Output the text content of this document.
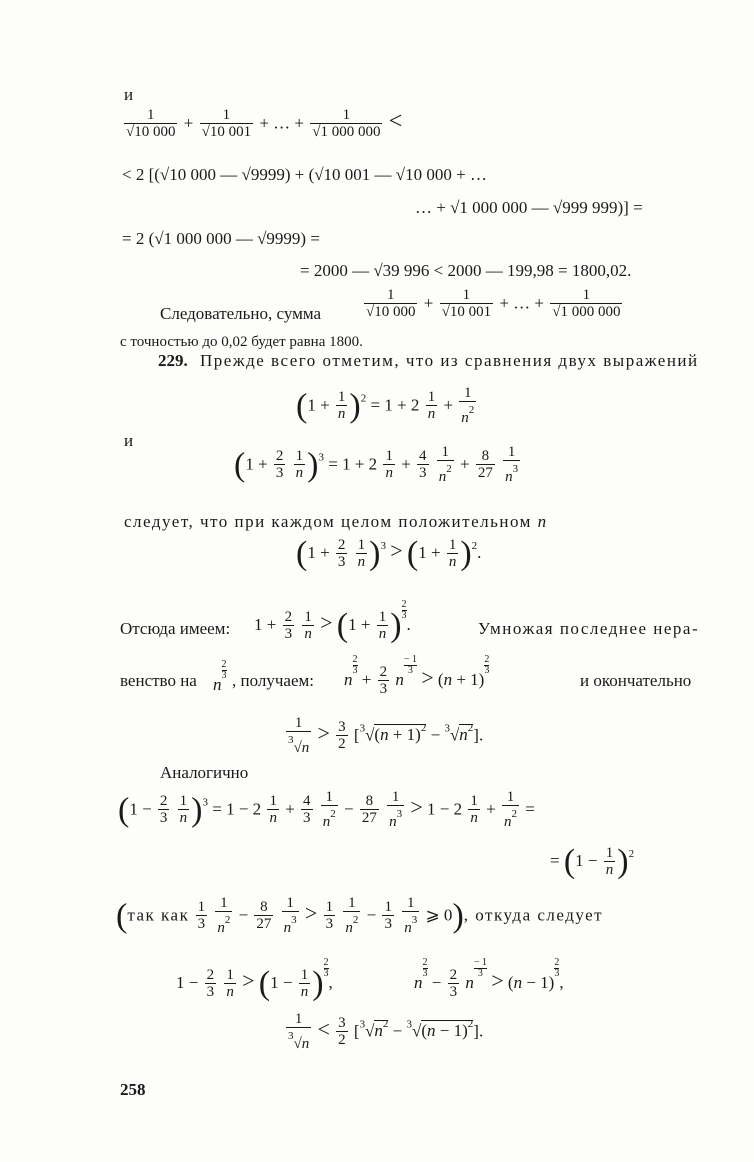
и
$\frac{1}{√10 000} + \frac{1}{√10 001}$ + … + $\frac{1}{√1 000 000}$ <
< 2 [(√10 000 — √9999) + (√10 001 — √10 000 + …
… + √1 000 000 — √999 999)] =
= 2 (√1 000 000 — √9999) =
= 2000 — √39 996 < 2000 — 199,98 = 1800,02.
Следовательно, сумма	$\frac{1}{√10 000} + \frac{1}{√10 001}$ + … + $\frac{1}{√1 000 000}$
с точностью до 0,02 будет равна 1800.
229. Прежде всего отметим, что из сравнения двух выражений
$(1 + \frac{1}{n} )^2 = 1 + 2 \frac{1}{n} + \frac{1}{n^2}$
и
($1 + \frac{2}{3}$
$\frac{1}{n} )^3 = 1 + 2 \frac{1}{n} + \frac{4}{3}$
$\frac{1}{n^2} + \frac{8}{27}$
$\frac{1}{n^3}$
следует, что при каждом целом положительном n
($1 + \frac{2}{3}$
$\frac{1}{n} )^3 > (1 + \frac{1}{n} )^2$.
Отсюда имеем: $1 + \frac{2}{3}$
$\frac{1}{n} > (1 + \frac{1}{n}$ ) $\frac{2}{3}$
.	Умножая последнее нера-
венство на n
$\frac{2}{3}$ , получаем: n
$\frac{2}{3}$
+ $\frac{2}{3}$ n
$\frac{- 1}{3} > (n + 1)$
$\frac{2}{3}$
и окончательно
$\frac{1}{^3√n} > \frac{3}{2} [^3√(n + 1)^2 - ^3√n^2]$.
Аналогично
($1 - \frac{2}{3}$
$\frac{1}{n} )^3 = 1 - 2 \frac{1}{n} + \frac{4}{3}$
$\frac{1}{n^2} - \frac{8}{27}$
$\frac{1}{n^3} > 1 - 2 \frac{1}{n} + \frac{1}{n^2}$ =
= $(1 - \frac{1}{n} )^2$
(так как $\frac{1}{3}$
$\frac{1}{n^2} - \frac{8}{27}$
$\frac{1}{n^3} > \frac{1}{3}$
$\frac{1}{n^2} - \frac{1}{3}$
$\frac{1}{n^3}$ ⩾ 0), откуда следует
$1 - \frac{2}{3}$
$\frac{1}{n} > (1 - \frac{1}{n}$ ) $\frac{2}{3}$
,	n
$\frac{2}{3}$
− $\frac{2}{3}$ n
$\frac{- 1}{3} > (n - 1)$
$\frac{2}{3}$
,
$\frac{1}{^3√n} < \frac{3}{2} [^3√n^2 - ^3√(n - 1)^2]$.
258
